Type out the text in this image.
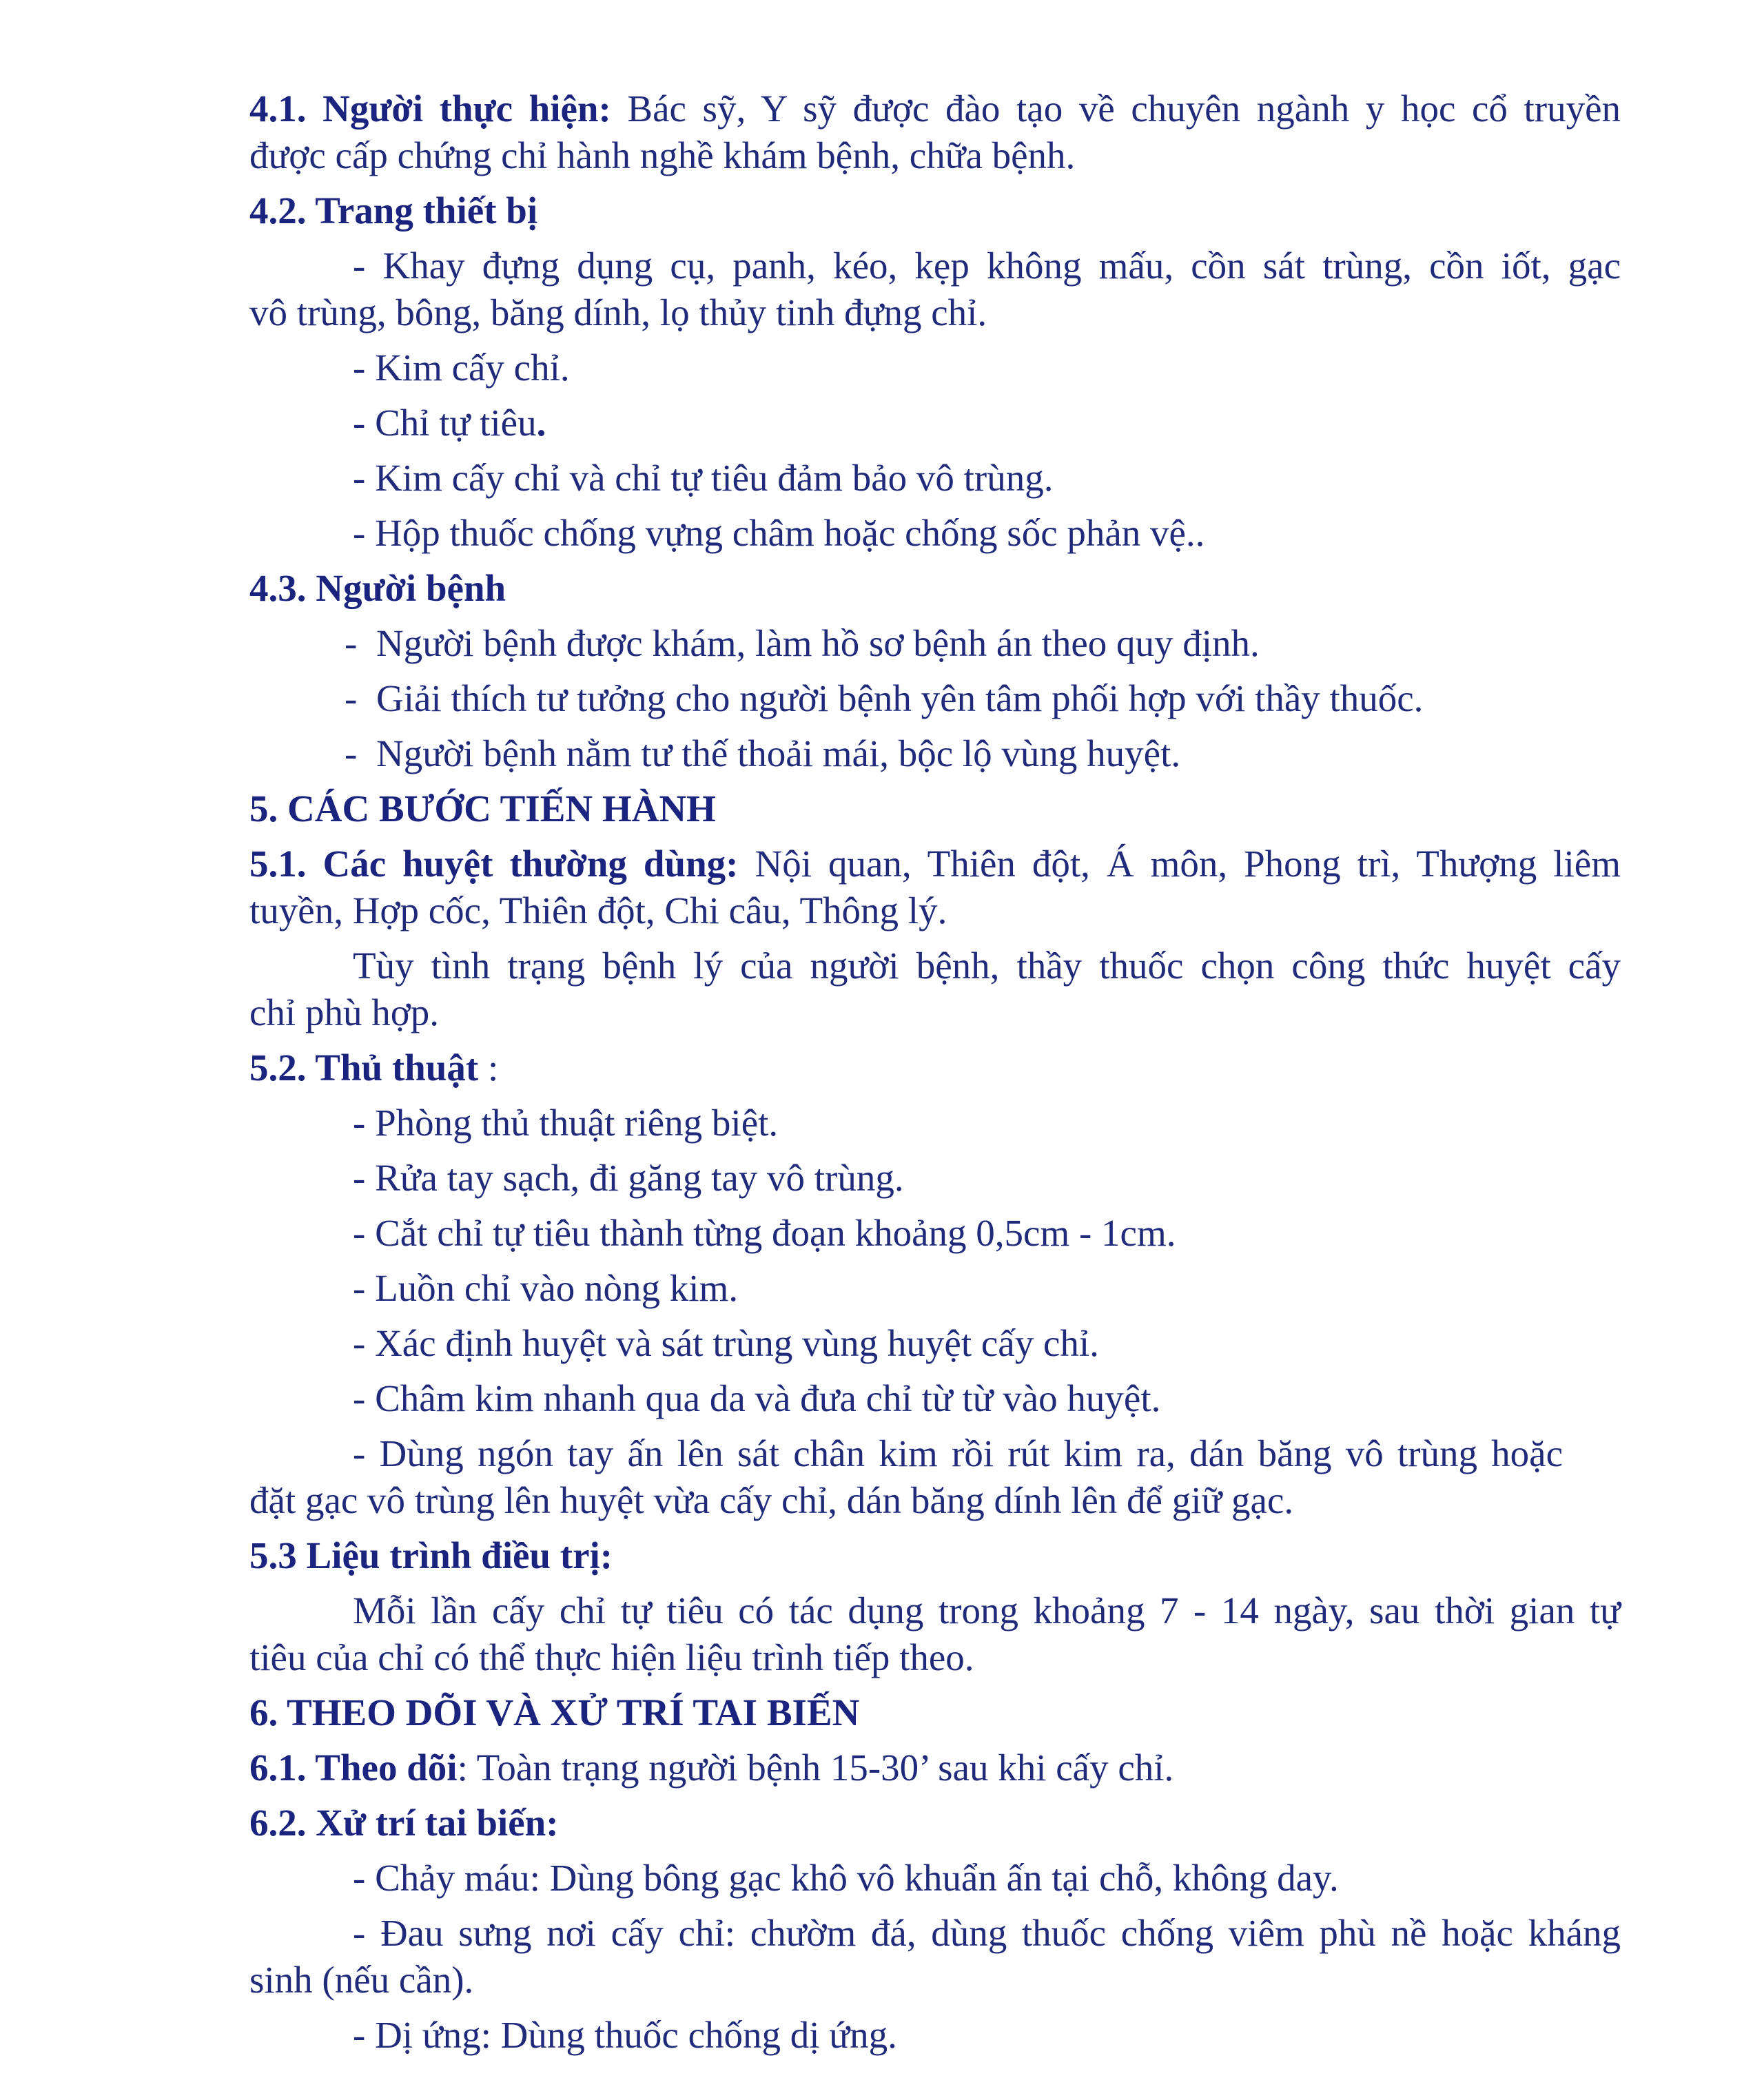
4.1. Người thực hiện: Bác sỹ, Y sỹ được đào tạo về chuyên ngành y học cổ truyền
được cấp chứng chỉ hành nghề khám bệnh, chữa bệnh.
4.2. Trang thiết bị
- Khay đựng dụng cụ, panh, kéo, kẹp không mấu, cồn sát trùng, cồn iốt, gạc
vô trùng, bông, băng dính, lọ thủy tinh đựng chỉ.
- Kim cấy chỉ.
- Chỉ tự tiêu.
- Kim cấy chỉ và chỉ tự tiêu đảm bảo vô trùng.
- Hộp thuốc chống vựng châm hoặc chống sốc phản vệ..
4.3. Người bệnh
- Người bệnh được khám, làm hồ sơ bệnh án theo quy định.
- Giải thích tư tưởng cho người bệnh yên tâm phối hợp với thầy thuốc.
- Người bệnh nằm tư thế thoải mái, bộc lộ vùng huyệt.
5. CÁC BƯỚC TIẾN HÀNH
5.1. Các huyệt thường dùng: Nội quan, Thiên đột, Á môn, Phong trì, Thượng liêm
tuyền, Hợp cốc, Thiên đột, Chi câu, Thông lý.
Tùy tình trạng bệnh lý của người bệnh, thầy thuốc chọn công thức huyệt cấy
chỉ phù hợp.
5.2. Thủ thuật :
- Phòng thủ thuật riêng biệt.
- Rửa tay sạch, đi găng tay vô trùng.
- Cắt chỉ tự tiêu thành từng đoạn khoảng 0,5cm - 1cm.
- Luồn chỉ vào nòng kim.
- Xác định huyệt và sát trùng vùng huyệt cấy chỉ.
- Châm kim nhanh qua da và đưa chỉ từ từ vào huyệt.
- Dùng ngón tay ấn lên sát chân kim rồi rút kim ra, dán băng vô trùng hoặc
đặt gạc vô trùng lên huyệt vừa cấy chỉ, dán băng dính lên để giữ gạc.
5.3 Liệu trình điều trị:
Mỗi lần cấy chỉ tự tiêu có tác dụng trong khoảng 7 - 14 ngày, sau thời gian tự
tiêu của chỉ có thể thực hiện liệu trình tiếp theo.
6. THEO DÕI VÀ XỬ TRÍ TAI BIẾN
6.1. Theo dõi: Toàn trạng người bệnh 15-30’ sau khi cấy chỉ.
6.2. Xử trí tai biến:
- Chảy máu: Dùng bông gạc khô vô khuẩn ấn tại chỗ, không day.
- Đau sưng nơi cấy chỉ: chườm đá, dùng thuốc chống viêm phù nề hoặc kháng
sinh (nếu cần).
- Dị ứng: Dùng thuốc chống dị ứng.
